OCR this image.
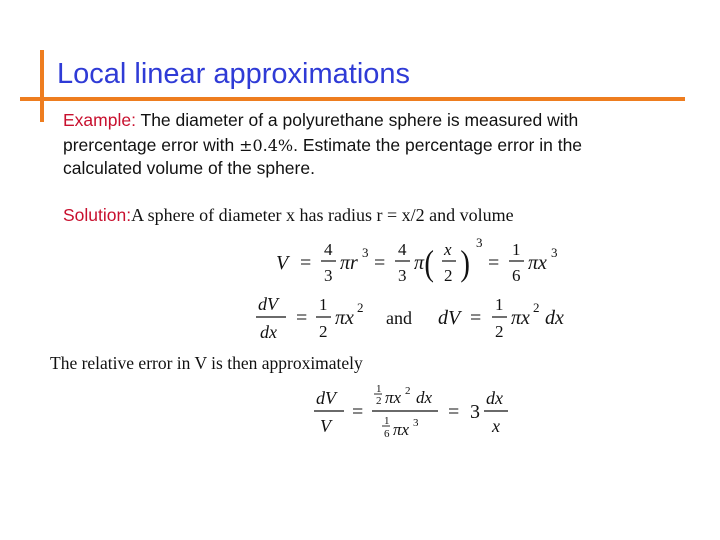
Local linear approximations
Example: The diameter of a polyurethane sphere is measured with
prercentage error with ±0.4%. Estimate the percentage error in the
calculated volume of the sphere.
Solution:A sphere of diameter x has radius r = x/2 and volume
V =
4
3
πr 3 =
4
3
π ( x
2 )
3
=
1
6
πx 3
dV
dx
=
1
2
πx 2
and dV =
1
2
πx 2 dx
The relative error in V is then approximately
dV
V
=
1
2 πx 2 dx
1
6 πx 3 = 3
dx
x
